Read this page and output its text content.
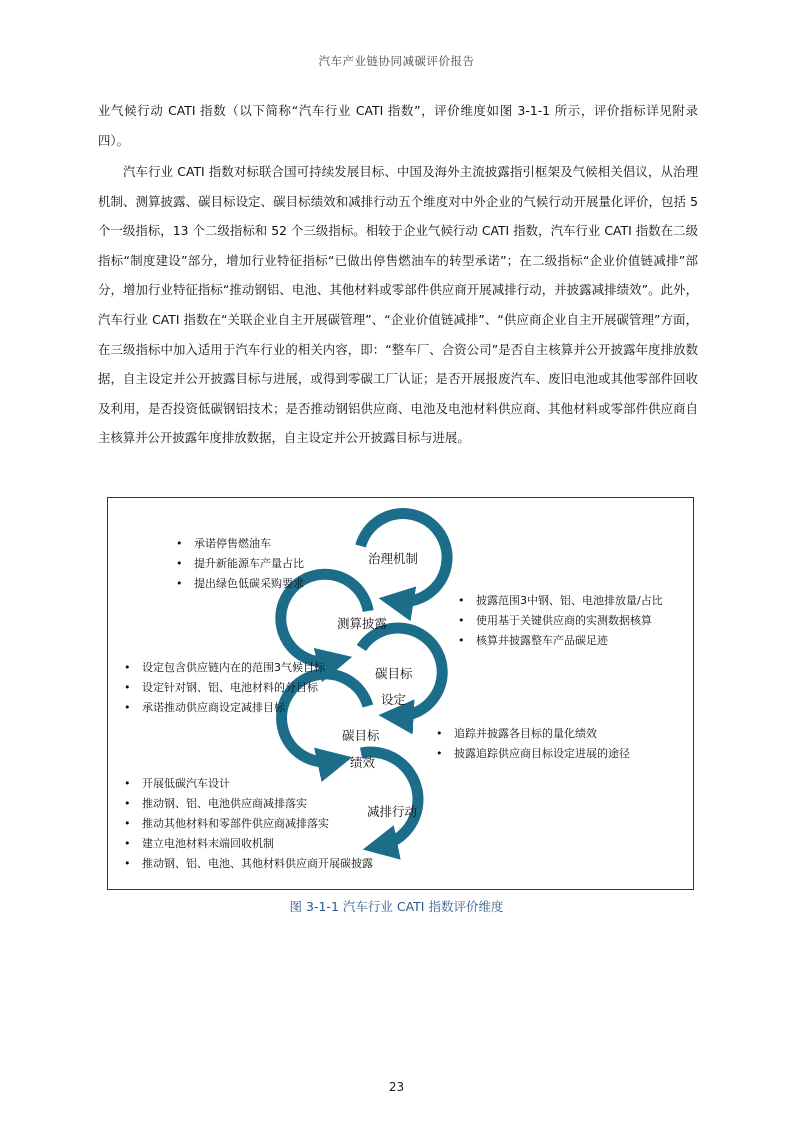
汽车产业链协同减碳评价报告

业气候行动 CATI 指数（以下简称“汽车行业 CATI 指数”，评价维度如图 3-1-1 所示，评价指标详见附录四）。

汽车行业 CATI 指数对标联合国可持续发展目标、中国及海外主流披露指引框架及气候相关倡议，从治理机制、测算披露、碳目标设定、碳目标绩效和减排行动五个维度对中外企业的气候行动开展量化评价，包括 5 个一级指标，13 个二级指标和 52 个三级指标。相较于企业气候行动 CATI 指数，汽车行业 CATI 指数在二级指标“制度建设”部分，增加行业特征指标“已做出停售燃油车的转型承诺”；在二级指标“企业价值链减排”部分，增加行业特征指标“推动钢铝、电池、其他材料或零部件供应商开展减排行动，并披露减排绩效”。此外，汽车行业 CATI 指数在“关联企业自主开展碳管理”、“企业价值链减排”、“供应商企业自主开展碳管理”方面，在三级指标中加入适用于汽车行业的相关内容，即：“整车厂、合资公司”是否自主核算并公开披露年度排放数据，自主设定并公开披露目标与进展，或得到零碳工厂认证；是否开展报废汽车、废旧电池或其他零部件回收及利用，是否投资低碳钢铝技术；是否推动钢铝供应商、电池及电池材料供应商、其他材料或零部件供应商自主核算并公开披露年度排放数据，自主设定并公开披露目标与进展。

治理机制
测算披露
碳目标
设定
碳目标
绩效
减排行动
• 承诺停售燃油车
• 提升新能源车产量占比
• 提出绿色低碳采购要求
• 披露范围3中钢、铝、电池排放量/占比
• 使用基于关键供应商的实测数据核算
• 核算并披露整车产品碳足迹
• 设定包含供应链内在的范围3气候目标
• 设定针对钢、铝、电池材料的分目标
• 承诺推动供应商设定减排目标
• 追踪并披露各目标的量化绩效
• 披露追踪供应商目标设定进展的途径
• 开展低碳汽车设计
• 推动钢、铝、电池供应商减排落实
• 推动其他材料和零部件供应商减排落实
• 建立电池材料末端回收机制
• 推动钢、铝、电池、其他材料供应商开展碳披露
图 3-1-1 汽车行业 CATI 指数评价维度
23
